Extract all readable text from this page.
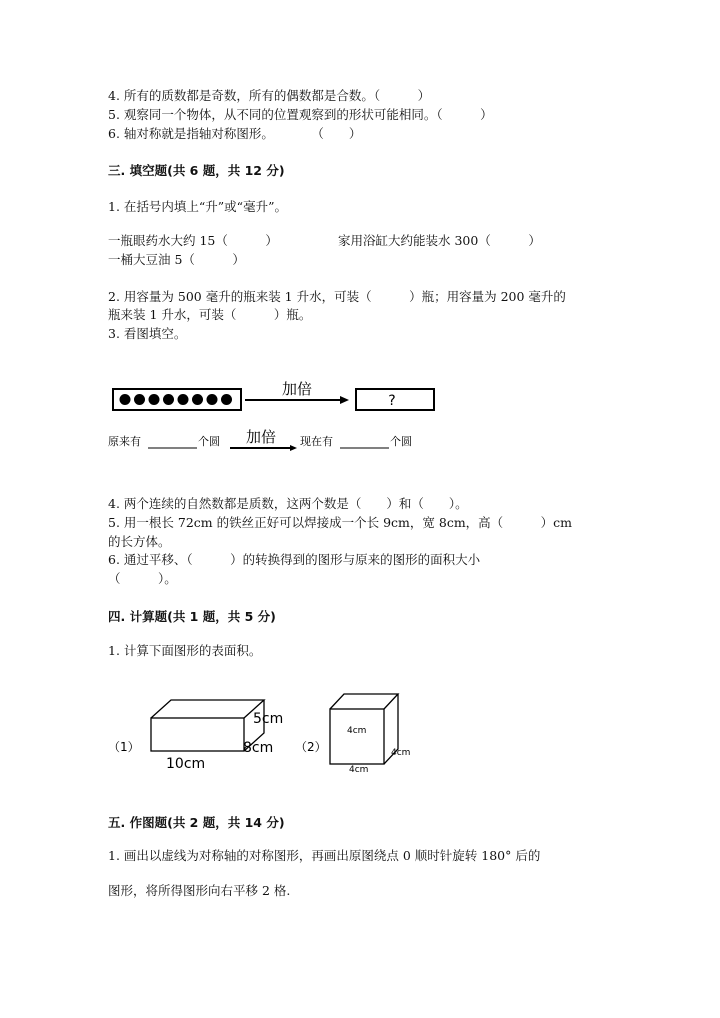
4. 所有的质数都是奇数，所有的偶数都是合数。（　　　）
5. 观察同一个物体，从不同的位置观察到的形状可能相同。（　　　）
6. 轴对称就是指轴对称图形。　　　　（　　）
三. 填空题(共 6 题，共 12 分)
1. 在括号内填上“升”或“毫升”。
一瓶眼药水大约 15（　　　）	家用浴缸大约能装水 300（　　　）
一桶大豆油 5（　　　）
2. 用容量为 500 毫升的瓶来装 1 升水，可装（　　　）瓶；用容量为 200 毫升的
瓶来装 1 升水，可装（　　　）瓶。
3. 看图填空。
加倍
?
原来有	个圆 加倍 现在有	个圆
4. 两个连续的自然数都是质数，这两个数是（　　）和（　　）。
5. 用一根长 72cm 的铁丝正好可以焊接成一个长 9cm，宽 8cm，高（　　　）cm
的长方体。
6. 通过平移、（　　　）的转换得到的图形与原来的图形的面积大小
（　　　）。
四. 计算题(共 1 题，共 5 分)
1. 计算下面图形的表面积。
（1）
5cm
8cm
10cm
（2）
4cm
4cm
4cm
五. 作图题(共 2 题，共 14 分)
1. 画出以虚线为对称轴的对称图形，再画出原图绕点 0 顺时针旋转 180° 后的
图形，将所得图形向右平移 2 格.
